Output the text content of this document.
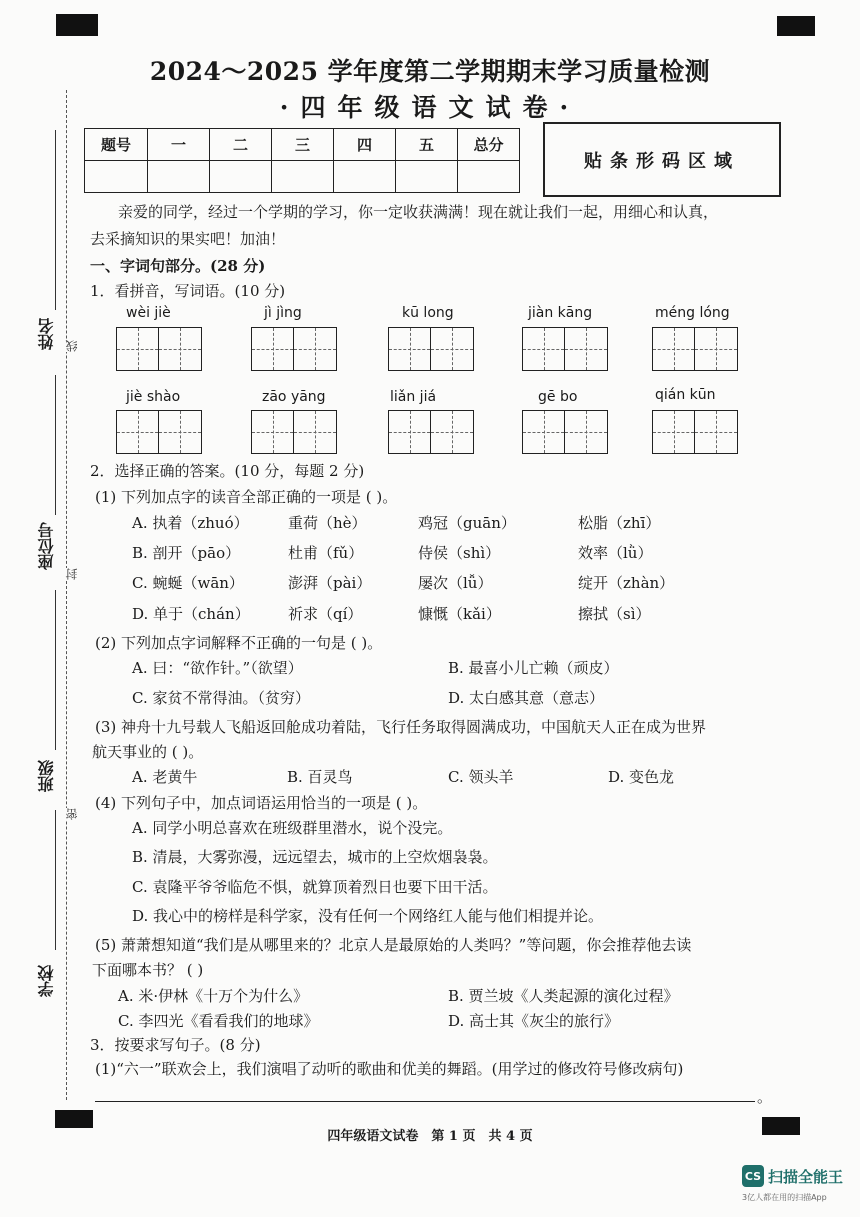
姓名
座位号
班级
学校
线
封
密
2024～2025 学年度第二学期期末学习质量检测
·四年级语文试卷·
题号	一	二	三	四	五	总分

贴条形码区域
亲爱的同学，经过一个学期的学习，你一定收获满满！现在就让我们一起，用细心和认真，
去采摘知识的果实吧！加油！
一、字词句部分。(28 分)
1．看拼音，写词语。(10 分)
wèi jiè	jì jìng	kū long	jiàn kāng	méng lóng
jiè shào	zāo yāng	liǎn jiá	gē bo	qián kūn
2．选择正确的答案。(10 分，每题 2 分)
(1) 下列加点字的读音全部正确的一项是 ( )。
A. 执着（zhuó）	重荷（hè）	鸡冠（guān）	松脂（zhī）
B. 剖开（pāo）	杜甫（fǔ）	侍侯（shì）	效率（lǜ）
C. 蜿蜒（wān）	澎湃（pài）	屡次（lǚ）	绽开（zhàn）
D. 单于（chán）	祈求（qí）	慷慨（kǎi）	擦拭（sì）
(2) 下列加点字词解释不正确的一句是 ( )。
A. 曰：“欲作针。”（欲望）	B. 最喜小儿亡赖（顽皮）
C. 家贫不常得油。（贫穷）	D. 太白感其意（意志）
(3) 神舟十九号载人飞船返回舱成功着陆，飞行任务取得圆满成功，中国航天人正在成为世界
航天事业的 ( )。
A. 老黄牛	B. 百灵鸟	C. 领头羊	D. 变色龙
(4) 下列句子中，加点词语运用恰当的一项是 ( )。
A. 同学小明总喜欢在班级群里潜水，说个没完。
B. 清晨，大雾弥漫，远远望去，城市的上空炊烟袅袅。
C. 袁隆平爷爷临危不惧，就算顶着烈日也要下田干活。
D. 我心中的榜样是科学家，没有任何一个网络红人能与他们相提并论。
(5) 萧萧想知道“我们是从哪里来的？北京人是最原始的人类吗？”等问题，你会推荐他去读
下面哪本书？ ( )
A. 米·伊林《十万个为什么》	B. 贾兰坡《人类起源的演化过程》
C. 李四光《看看我们的地球》	D. 高士其《灰尘的旅行》
3．按要求写句子。(8 分)
(1)“六一”联欢会上，我们演唱了动听的歌曲和优美的舞蹈。(用学过的修改符号修改病句)
。
四年级语文试卷　第 1 页　共 4 页
CS 扫描全能王
3亿人都在用的扫描App
